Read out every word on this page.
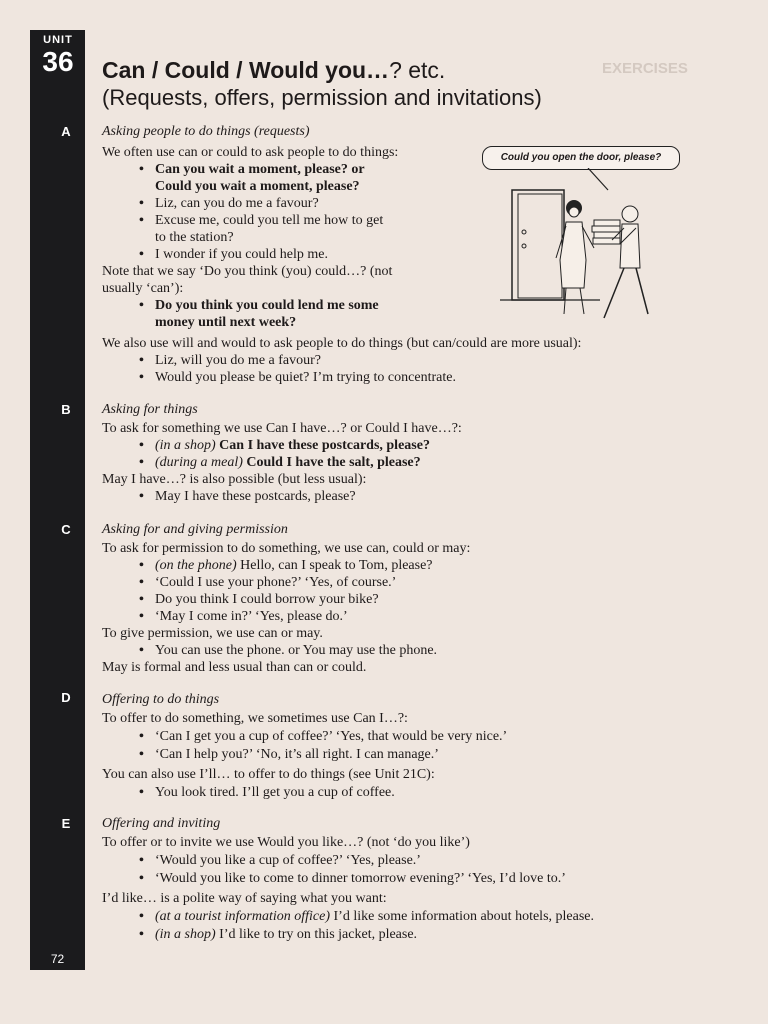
UNIT
36
A
B
C
D
E
72
EXERCISES
Can / Could / Would you…? etc.
(Requests, offers, permission and invitations)
Could you open the door, please?
Asking people to do things (requests)
We often use can or could to ask people to do things:
• Can you wait a moment, please? or
Could you wait a moment, please?
• Liz, can you do me a favour?
• Excuse me, could you tell me how to get
to the station?
• I wonder if you could help me.
Note that we say ‘Do you think (you) could…? (not
usually ‘can’):
• Do you think you could lend me some
money until next week?
We also use will and would to ask people to do things (but can/could are more usual):
• Liz, will you do me a favour?
• Would you please be quiet? I’m trying to concentrate.
Asking for things
To ask for something we use Can I have…? or Could I have…?:
• (in a shop) Can I have these postcards, please?
• (during a meal) Could I have the salt, please?
May I have…? is also possible (but less usual):
• May I have these postcards, please?
Asking for and giving permission
To ask for permission to do something, we use can, could or may:
• (on the phone) Hello, can I speak to Tom, please?
• ‘Could I use your phone?’ ‘Yes, of course.’
• Do you think I could borrow your bike?
• ‘May I come in?’ ‘Yes, please do.’
To give permission, we use can or may.
• You can use the phone. or You may use the phone.
May is formal and less usual than can or could.
Offering to do things
To offer to do something, we sometimes use Can I…?:
• ‘Can I get you a cup of coffee?’ ‘Yes, that would be very nice.’
• ‘Can I help you?’ ‘No, it’s all right. I can manage.’
You can also use I’ll… to offer to do things (see Unit 21C):
• You look tired. I’ll get you a cup of coffee.
Offering and inviting
To offer or to invite we use Would you like…? (not ‘do you like’)
• ‘Would you like a cup of coffee?’ ‘Yes, please.’
• ‘Would you like to come to dinner tomorrow evening?’ ‘Yes, I’d love to.’
I’d like… is a polite way of saying what you want:
• (at a tourist information office) I’d like some information about hotels, please.
• (in a shop) I’d like to try on this jacket, please.
